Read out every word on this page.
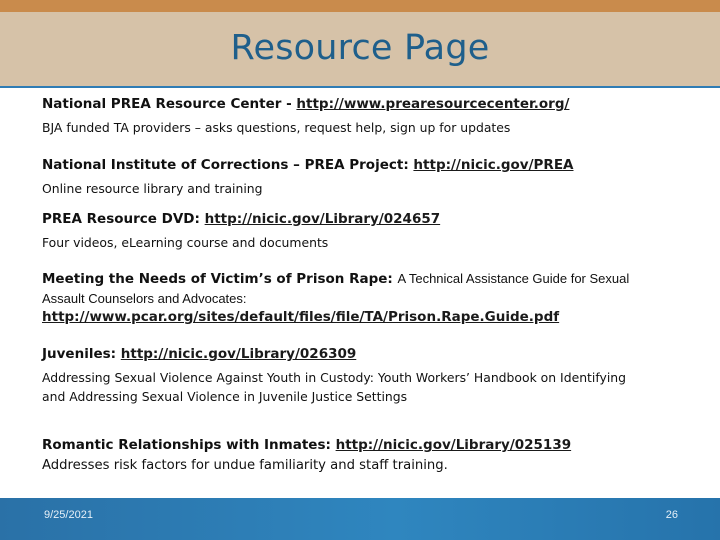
Resource Page
National PREA Resource Center - http://www.prearesourcecenter.org/
BJA funded TA providers – asks questions, request help, sign up for updates
National Institute of Corrections – PREA Project: http://nicic.gov/PREA
Online resource library and training
PREA Resource DVD: http://nicic.gov/Library/024657
Four videos, eLearning course and documents
Meeting the Needs of Victim’s of Prison Rape: A Technical Assistance Guide for Sexual
Assault Counselors and Advocates:
http://www.pcar.org/sites/default/files/file/TA/Prison.Rape.Guide.pdf
Juveniles: http://nicic.gov/Library/026309
Addressing Sexual Violence Against Youth in Custody: Youth Workers’ Handbook on Identifying
and Addressing Sexual Violence in Juvenile Justice Settings
Romantic Relationships with Inmates: http://nicic.gov/Library/025139
Addresses risk factors for undue familiarity and staff training.
9/25/2021	26
